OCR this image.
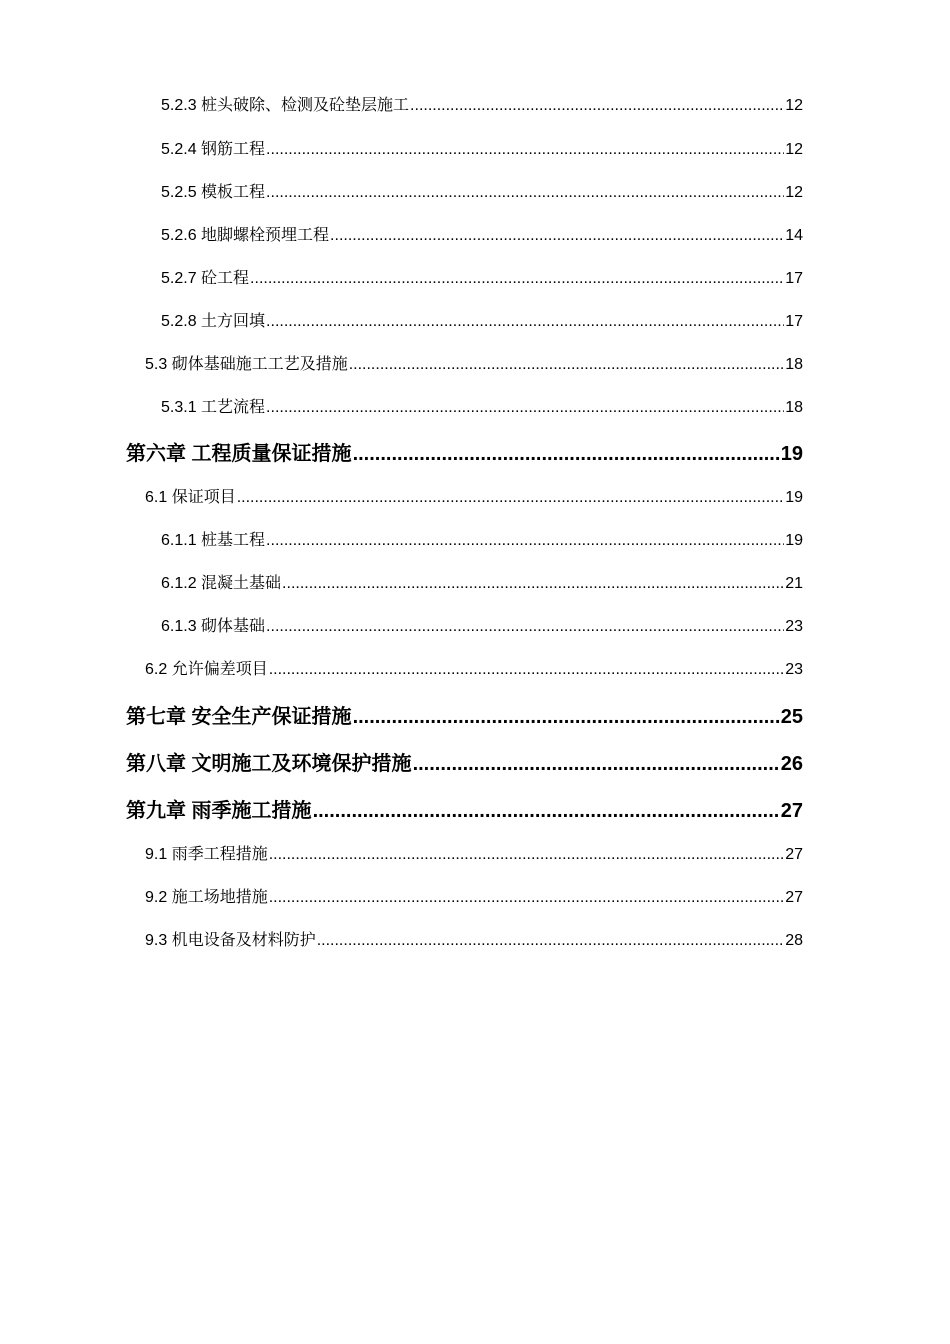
5.2.3 桩头破除、检测及砼垫层施工 .....	12
5.2.4 钢筋工程 .....	12
5.2.5 模板工程 .....	12
5.2.6 地脚螺栓预埋工程 .....	14
5.2.7 砼工程 .....	17
5.2.8 土方回填 .....	17
5.3 砌体基础施工工艺及措施 .....	18
5.3.1 工艺流程 .....	18
第六章 工程质量保证措施 .....	19
6.1 保证项目 .....	19
6.1.1 桩基工程 .....	19
6.1.2 混凝土基础 .....	21
6.1.3 砌体基础 .....	23
6.2 允许偏差项目 .....	23
第七章 安全生产保证措施 .....	25
第八章 文明施工及环境保护措施 .....	26
第九章 雨季施工措施 .....	27
9.1 雨季工程措施 .....	27
9.2 施工场地措施 .....	27
9.3 机电设备及材料防护 .....	28
